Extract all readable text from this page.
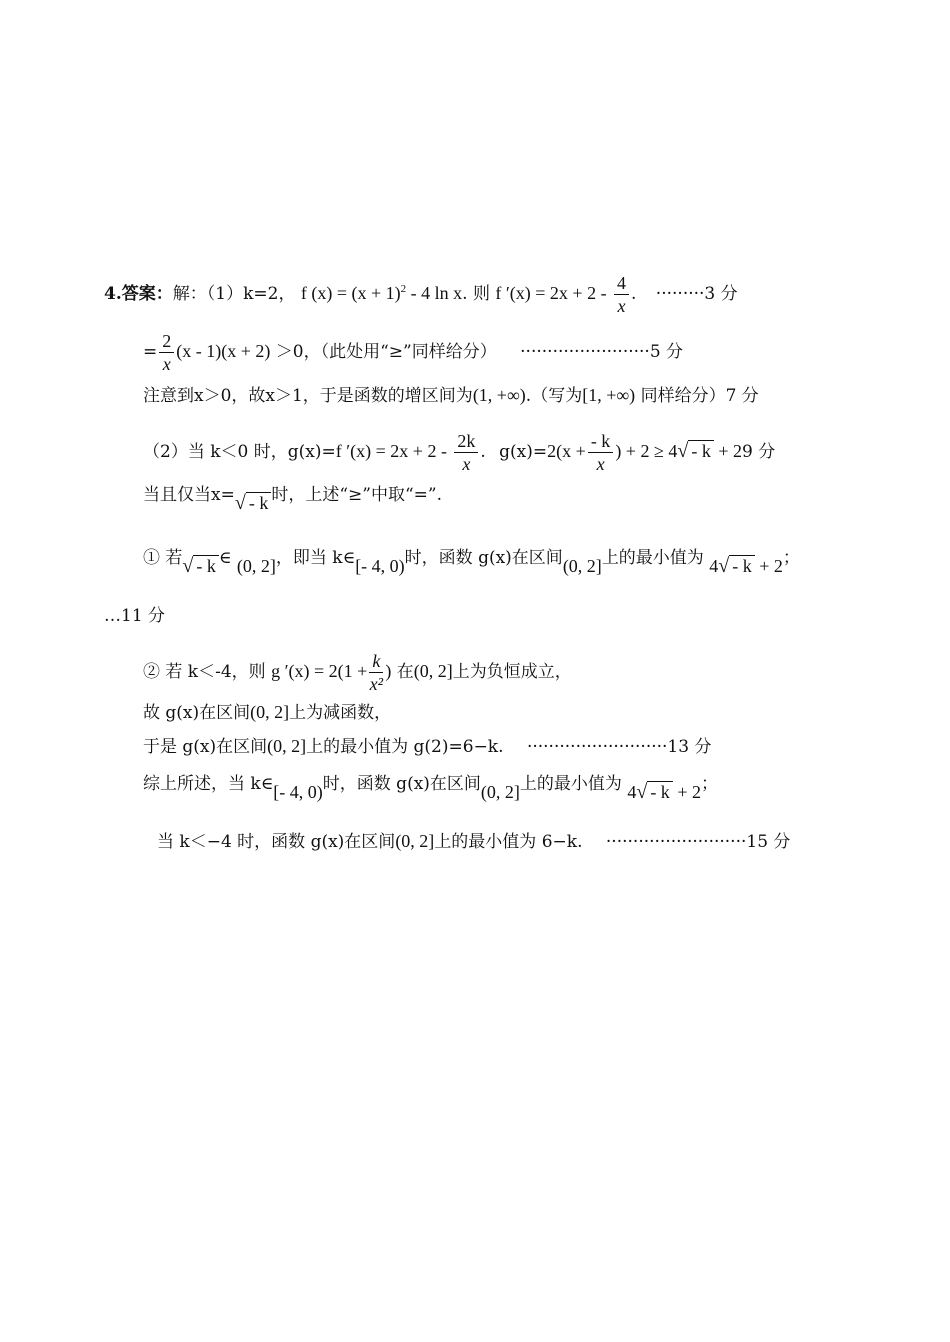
4.答案：解：（1）k=2， f $(x) = (x + 1)^2 - 4$ ln x. 则 f $'(x) = 2x + 2 - \frac{4}{x}$ . ·········3 分
= $\frac{2}{x} (x - 1)(x + 2) >0$，（此处用“≥”同样给分） ························5 分
注意到x＞0，故x＞1，于是函数的增区间为(1, +∞).（写为[1, +∞) 同样给分）7 分
（2）当 k＜0 时，g(x)=f $'(x) = 2x + 2 - \frac{2k}{x}$ . $g(x)=2(x + \frac{- k}{x}$ ) + 2 ≥ 4√ - k + 29 分
当且仅当x=√ - k 时，上述“≥”中取“=”.
① 若√ - k ∈ (0, 2]，即当 k∈[- 4, 0)时，函数 g(x)在区间(0, 2]上的最小值为 4√ - k + 2；
…11 分
② 若 k＜-4，则 g $'(x) = 2(1 + \frac{k}{\text{x²}}$ ) 在(0, 2]上为负恒成立，
故 g(x)在区间(0, 2]上为减函数，
于是 g(x)在区间(0, 2]上的最小值为 g(2)=6−k. ··························13 分
综上所述，当 k∈[- 4, 0)时，函数 g(x)在区间(0, 2]上的最小值为 4√ - k + 2；
当 k＜−4 时，函数 g(x)在区间(0, 2]上的最小值为 6−k. ··························15 分
